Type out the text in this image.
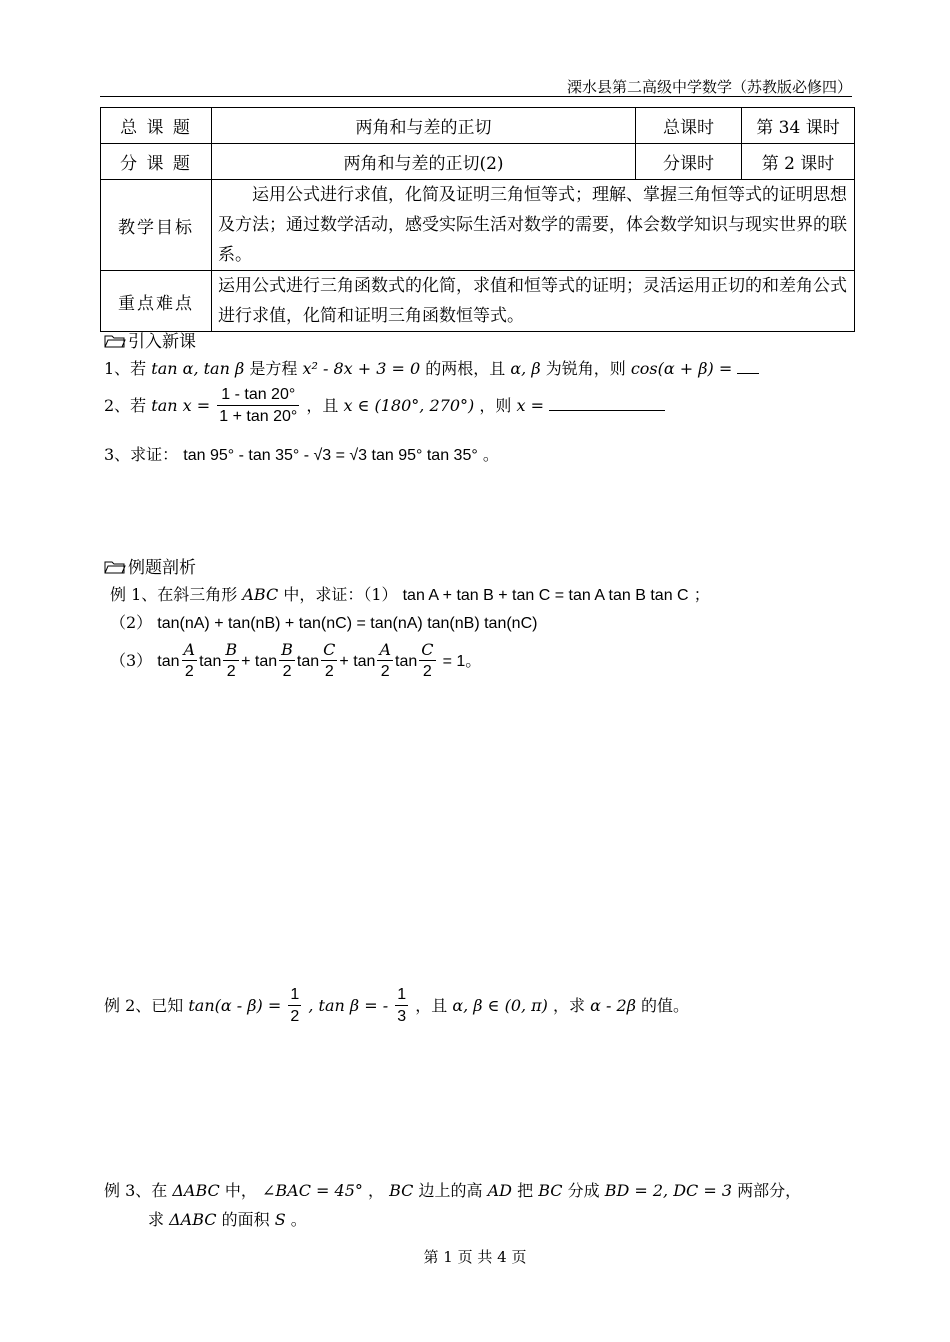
溧水县第二高级中学数学（苏教版必修四）
总 课 题	两角和与差的正切	总课时	第 34 课时
分 课 题	两角和与差的正切(2)	分课时	第 2 课时
教学目标	运用公式进行求值，化简及证明三角恒等式；理解、掌握三角恒等式的证明思想及方法；通过数学活动，感受实际生活对数学的需要，体会数学知识与现实世界的联系。		
重点难点	运用公式进行三角函数式的化简，求值和恒等式的证明；灵活运用正切的和差角公式进行求值，化简和证明三角函数恒等式。		
引入新课
1、若 tan α, tan β 是方程 x² - 8x + 3 = 0 的两根，且 α, β 为锐角，则 cos(α + β) =
2、若 $\tan x = \frac{1 - \tan 20^\circ}{1 + \tan 20^\circ}$ ，且 x ∈ (180°, 270°) ，则 x =
3、求证： tan 95° - tan 35° - √3 = √3 tan 95° tan 35° 。
例题剖析
例 1、在斜三角形 ABC 中，求证：（1） tan A + tan B + tan C = tan A tan B tan C ；
（2） tan(nA) + tan(nB) + tan(nC) = tan(nA) tan(nB) tan(nC)
（3） $\tan \frac{A}{2}$ $\tan \frac{B}{2} + \tan \frac{B}{2}$ $\tan \frac{C}{2} + \tan \frac{A}{2}$ $\tan \frac{C}{2} = 1$。
例 2、已知 $\tan(\alpha - \beta) = \frac{1}{2}$ , tan β = - $\frac{1}{3}$ ，且 α, β ∈ (0, π) ，求 α - 2β 的值。
例 3、在 ΔABC 中， ∠BAC = 45° ， BC 边上的高 AD 把 BC 分成 BD = 2, DC = 3 两部分，
求 ΔABC 的面积 S 。
第 1 页 共 4 页
